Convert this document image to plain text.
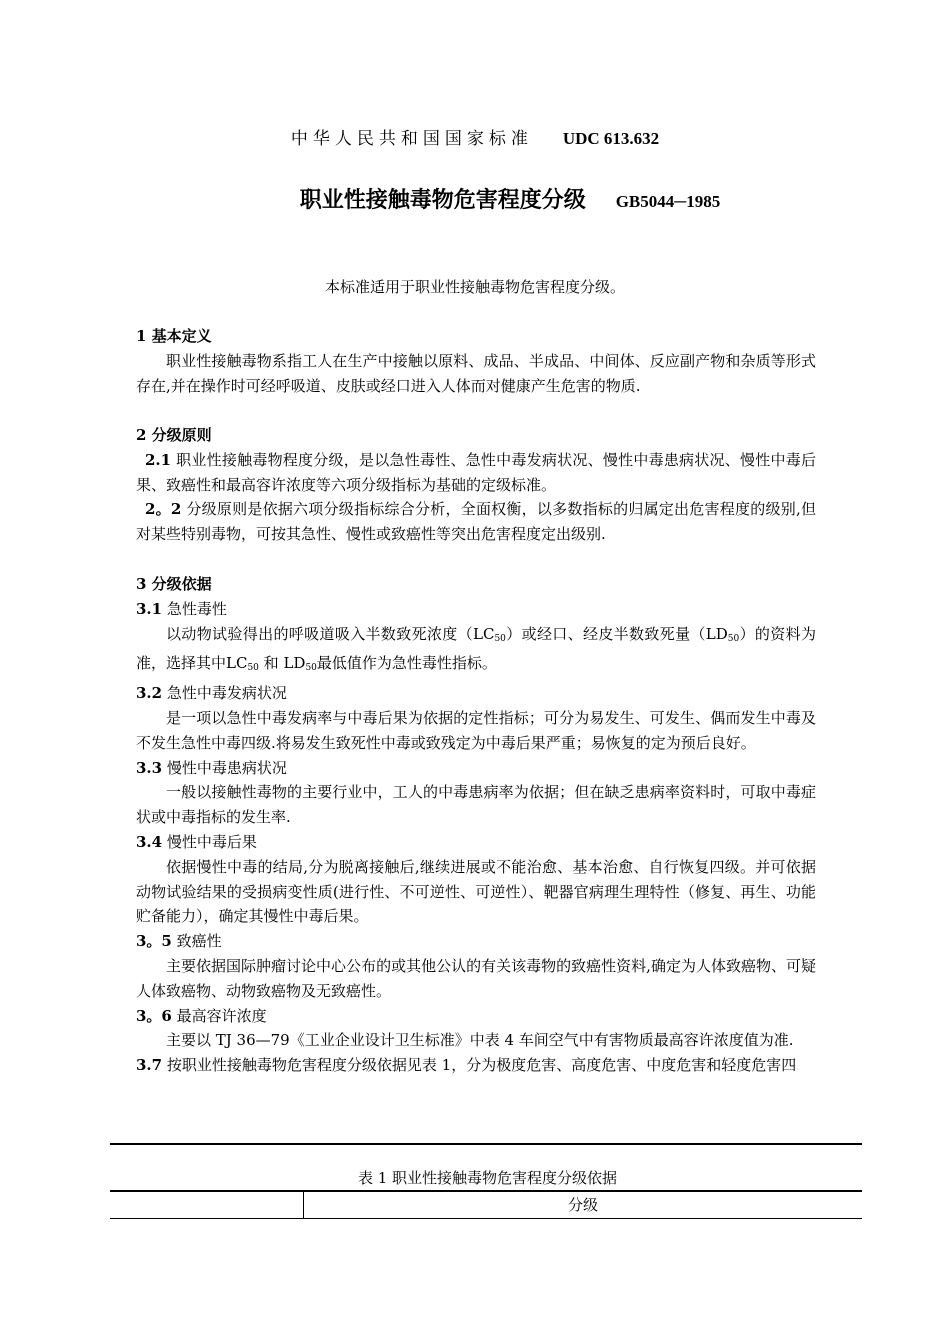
中华人民共和国国家标准 UDC 613.632
职业性接触毒物危害程度分级 GB5044─1985
本标准适用于职业性接触毒物危害程度分级。
1 基本定义
职业性接触毒物系指工人在生产中接触以原料、成品、半成品、中间体、反应副产物和杂质等形式存在,并在操作时可经呼吸道、皮肤或经口进入人体而对健康产生危害的物质.
2 分级原则
2.1 职业性接触毒物程度分级，是以急性毒性、急性中毒发病状况、慢性中毒患病状况、慢性中毒后果、致癌性和最高容许浓度等六项分级指标为基础的定级标准。
2。2 分级原则是依据六项分级指标综合分析，全面权衡，以多数指标的归属定出危害程度的级别,但对某些特别毒物，可按其急性、慢性或致癌性等突出危害程度定出级别.
3 分级依据
3.1 急性毒性
以动物试验得出的呼吸道吸入半数致死浓度$(LC_{50})$或经口、经皮半数致死量$(LD_{50})$的资料为准，选择其中$LC_{50}$ 和 $LD_{50}$最低值作为急性毒性指标。
3.2 急性中毒发病状况
是一项以急性中毒发病率与中毒后果为依据的定性指标；可分为易发生、可发生、偶而发生中毒及不发生急性中毒四级.将易发生致死性中毒或致残定为中毒后果严重；易恢复的定为预后良好。
3.3 慢性中毒患病状况
一般以接触性毒物的主要行业中，工人的中毒患病率为依据；但在缺乏患病率资料时，可取中毒症状或中毒指标的发生率.
3.4 慢性中毒后果
依据慢性中毒的结局,分为脱离接触后,继续进展或不能治愈、基本治愈、自行恢复四级。并可依据动物试验结果的受损病变性质(进行性、不可逆性、可逆性）、靶器官病理生理特性（修复、再生、功能贮备能力），确定其慢性中毒后果。
3。5 致癌性
主要依据国际肿瘤讨论中心公布的或其他公认的有关该毒物的致癌性资料,确定为人体致癌物、可疑人体致癌物、动物致癌物及无致癌性。
3。6 最高容许浓度
主要以 TJ 36—79《工业企业设计卫生标准》中表 4 车间空气中有害物质最高容许浓度值为准.
3.7 按职业性接触毒物危害程度分级依据见表 1，分为极度危害、高度危害、中度危害和轻度危害四
表 1 职业性接触毒物危害程度分级依据
分级
